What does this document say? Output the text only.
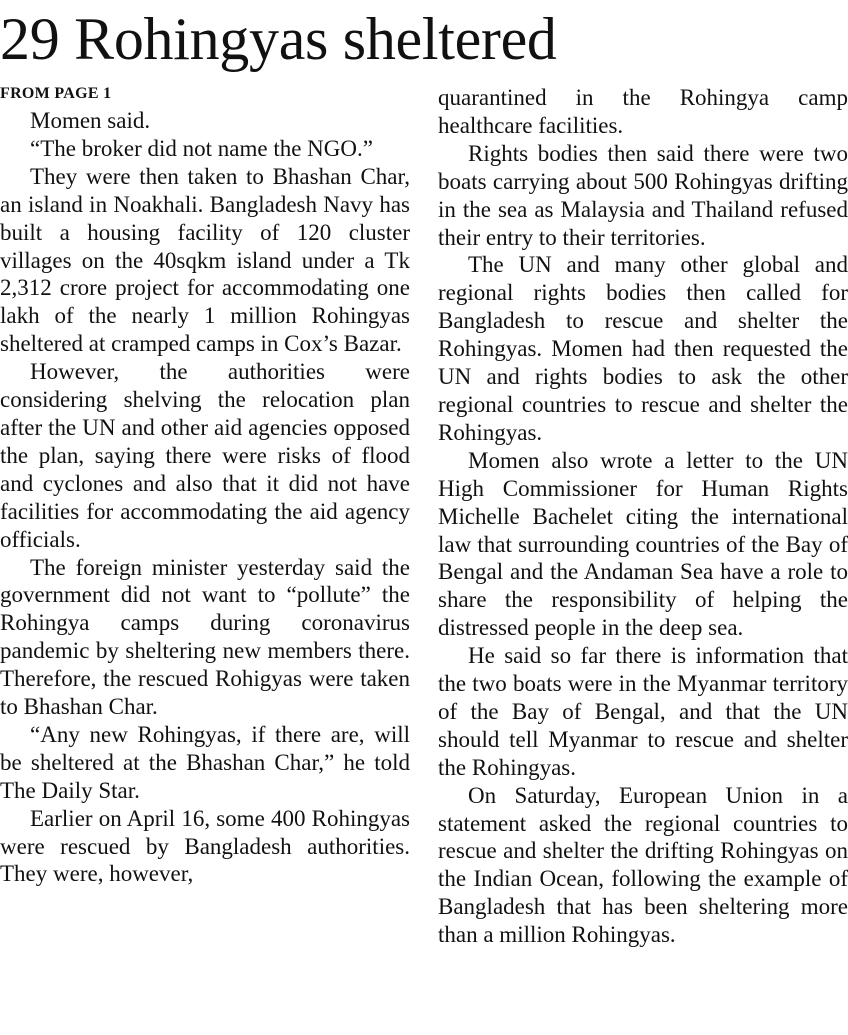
29 Rohingyas sheltered
FROM PAGE 1

Momen said.

“The broker did not name the NGO.”

They were then taken to Bhashan Char, an island in Noakhali. Bangladesh Navy has built a housing facility of 120 cluster villages on the 40sqkm island under a Tk 2,312 crore project for accommodating one lakh of the nearly 1 million Rohingyas sheltered at cramped camps in Cox’s Bazar.

However, the authorities were considering shelving the relocation plan after the UN and other aid agencies opposed the plan, saying there were risks of flood and cyclones and also that it did not have facilities for accommodating the aid agency officials.

The foreign minister yesterday said the government did not want to “pollute” the Rohingya camps during coronavirus pandemic by sheltering new members there. Therefore, the rescued Rohigyas were taken to Bhashan Char.

“Any new Rohingyas, if there are, will be sheltered at the Bhashan Char,” he told The Daily Star.

Earlier on April 16, some 400 Rohingyas were rescued by Bangladesh authorities. They were, however,

quarantined in the Rohingya camp healthcare facilities.

Rights bodies then said there were two boats carrying about 500 Rohingyas drifting in the sea as Malaysia and Thailand refused their entry to their territories.

The UN and many other global and regional rights bodies then called for Bangladesh to rescue and shelter the Rohingyas. Momen had then requested the UN and rights bodies to ask the other regional countries to rescue and shelter the Rohingyas.

Momen also wrote a letter to the UN High Commissioner for Human Rights Michelle Bachelet citing the international law that surrounding countries of the Bay of Bengal and the Andaman Sea have a role to share the responsibility of helping the distressed people in the deep sea.

He said so far there is information that the two boats were in the Myanmar territory of the Bay of Bengal, and that the UN should tell Myanmar to rescue and shelter the Rohingyas.

On Saturday, European Union in a statement asked the regional countries to rescue and shelter the drifting Rohingyas on the Indian Ocean, following the example of Bangladesh that has been sheltering more than a million Rohingyas.
